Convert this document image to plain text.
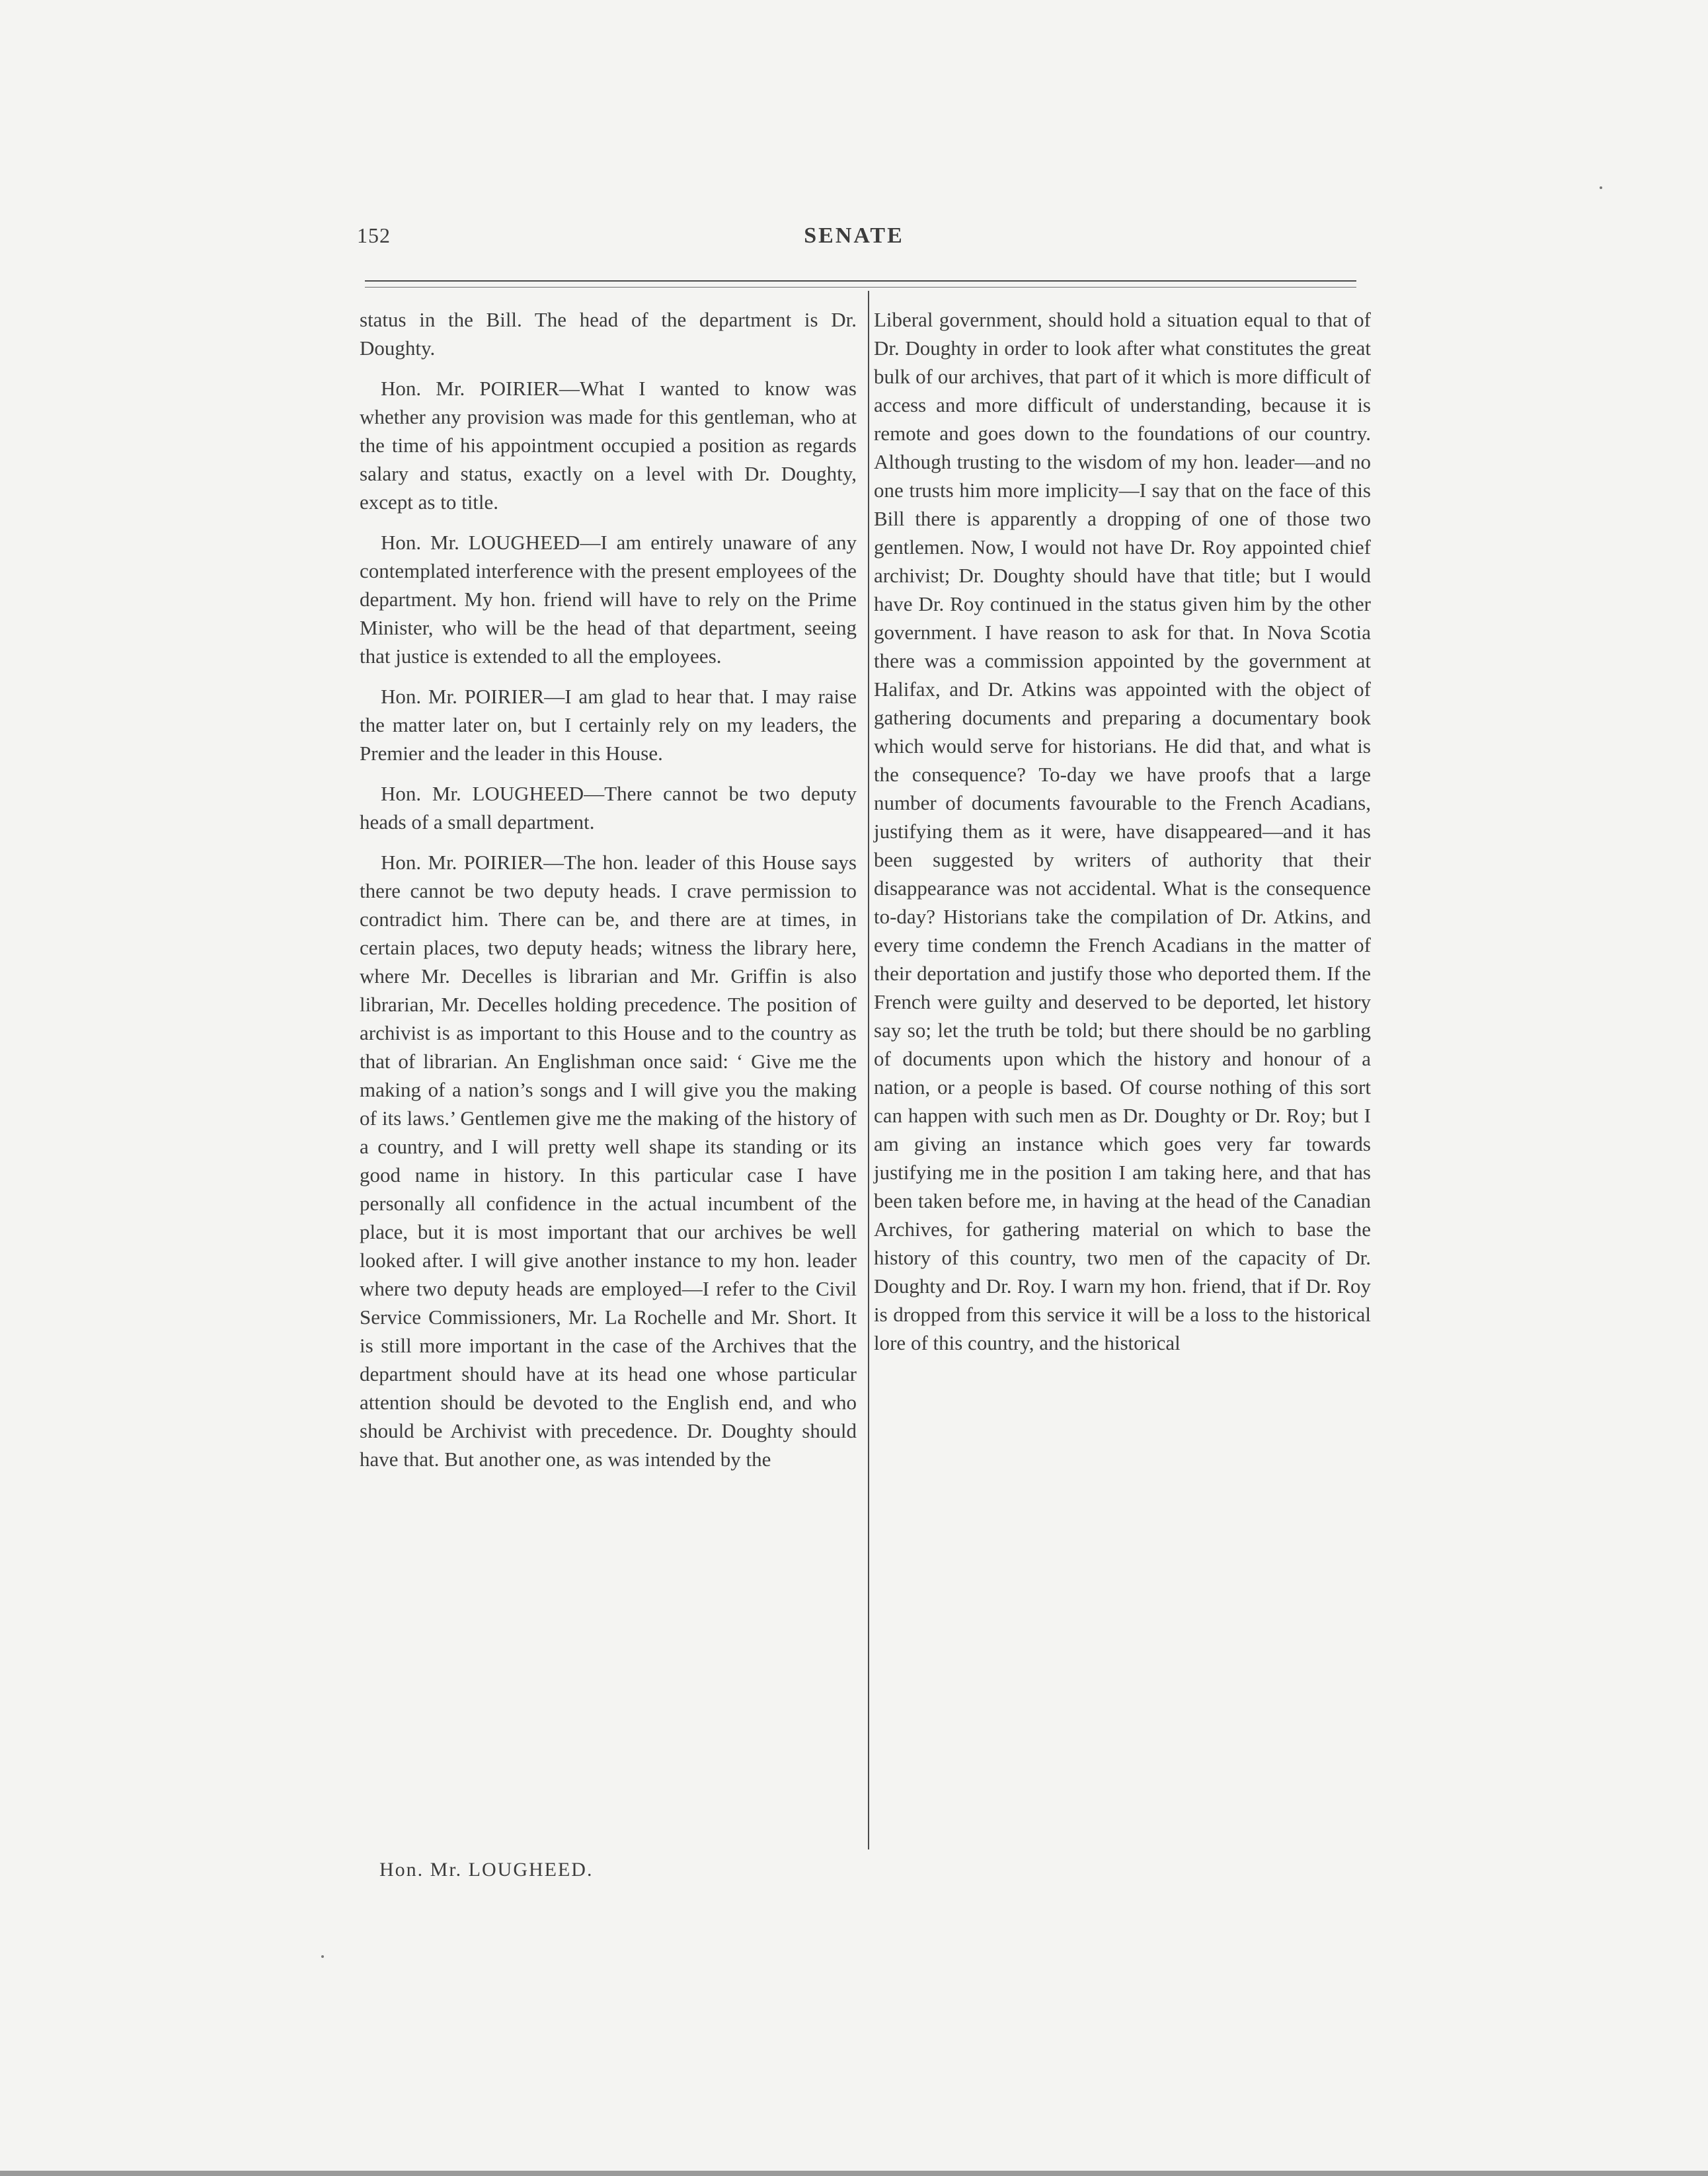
152	SENATE

status in the Bill. The head of the department is Dr. Doughty.

Hon. Mr. POIRIER—What I wanted to know was whether any provision was made for this gentleman, who at the time of his appointment occupied a position as regards salary and status, exactly on a level with Dr. Doughty, except as to title.

Hon. Mr. LOUGHEED—I am entirely unaware of any contemplated interference with the present employees of the department. My hon. friend will have to rely on the Prime Minister, who will be the head of that department, seeing that justice is extended to all the employees.

Hon. Mr. POIRIER—I am glad to hear that. I may raise the matter later on, but I certainly rely on my leaders, the Premier and the leader in this House.

Hon. Mr. LOUGHEED—There cannot be two deputy heads of a small department.

Hon. Mr. POIRIER—The hon. leader of this House says there cannot be two deputy heads. I crave permission to contradict him. There can be, and there are at times, in certain places, two deputy heads; witness the library here, where Mr. Decelles is librarian and Mr. Griffin is also librarian, Mr. Decelles holding precedence. The position of archivist is as important to this House and to the country as that of librarian. An Englishman once said: ‘ Give me the making of a nation’s songs and I will give you the making of its laws.’ Gentlemen give me the making of the history of a country, and I will pretty well shape its standing or its good name in history. In this particular case I have personally all confidence in the actual incumbent of the place, but it is most important that our archives be well looked after. I will give another instance to my hon. leader where two deputy heads are employed—I refer to the Civil Service Commissioners, Mr. La Rochelle and Mr. Short. It is still more important in the case of the Archives that the department should have at its head one whose particular attention should be devoted to the English end, and who should be Archivist with precedence. Dr. Doughty should have that. But another one, as was intended by the

Liberal government, should hold a situation equal to that of Dr. Doughty in order to look after what constitutes the great bulk of our archives, that part of it which is more difficult of access and more difficult of understanding, because it is remote and goes down to the foundations of our country. Although trusting to the wisdom of my hon. leader—and no one trusts him more implicity—I say that on the face of this Bill there is apparently a dropping of one of those two gentlemen. Now, I would not have Dr. Roy appointed chief archivist; Dr. Doughty should have that title; but I would have Dr. Roy continued in the status given him by the other government. I have reason to ask for that. In Nova Scotia there was a commission appointed by the government at Halifax, and Dr. Atkins was appointed with the object of gathering documents and preparing a documentary book which would serve for historians. He did that, and what is the consequence? To-day we have proofs that a large number of documents favourable to the French Acadians, justifying them as it were, have disappeared—and it has been suggested by writers of authority that their disappearance was not accidental. What is the consequence to-day? Historians take the compilation of Dr. Atkins, and every time condemn the French Acadians in the matter of their deportation and justify those who deported them. If the French were guilty and deserved to be deported, let history say so; let the truth be told; but there should be no garbling of documents upon which the history and honour of a nation, or a people is based. Of course nothing of this sort can happen with such men as Dr. Doughty or Dr. Roy; but I am giving an instance which goes very far towards justifying me in the position I am taking here, and that has been taken before me, in having at the head of the Canadian Archives, for gathering material on which to base the history of this country, two men of the capacity of Dr. Doughty and Dr. Roy. I warn my hon. friend, that if Dr. Roy is dropped from this service it will be a loss to the historical lore of this country, and the historical

Hon. Mr. LOUGHEED.
